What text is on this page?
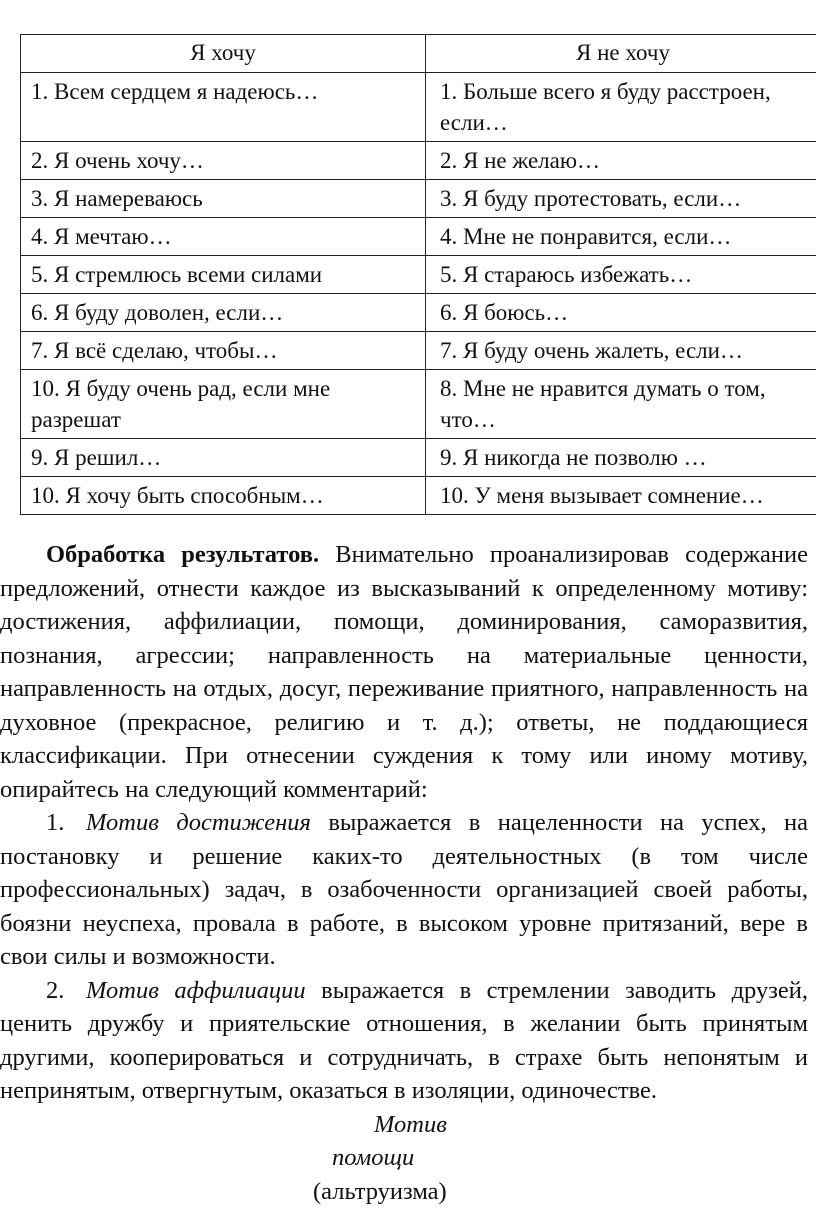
Я хочу	Я не хочу
1. Всем сердцем я надеюсь…	1. Больше всего я буду расстроен, если…
2. Я очень хочу…	2. Я не желаю…
3. Я намереваюсь	3. Я буду протестовать, если…
4. Я мечтаю…	4. Мне не понравится, если…
5. Я стремлюсь всеми силами	5. Я стараюсь избежать…
6. Я буду доволен, если…	6. Я боюсь…
7. Я всё сделаю, чтобы…	7. Я буду очень жалеть, если…
10. Я буду очень рад, если мне разрешат	8. Мне не нравится думать о том, что…
9. Я решил…	9. Я никогда не позволю …
10. Я хочу быть способным…	10. У меня вызывает сомнение…

Обработка результатов. Внимательно проанализировав содержание предложений, отнести каждое из высказываний к определенному мотиву: достижения, аффилиации, помощи, доминирования, саморазвития, познания, агрессии; направленность на материальные ценности, направленность на отдых, досуг, переживание приятного, направленность на духовное (прекрасное, религию и т. д.); ответы, не поддающиеся классификации. При отнесении суждения к тому или иному мотиву, опирайтесь на следующий комментарий:

1. Мотив достижения выражается в нацеленности на успех, на постановку и решение каких-то деятельностных (в том числе профессиональных) задач, в озабоченности организацией своей работы, боязни неуспеха, провала в работе, в высоком уровне притязаний, вере в свои силы и возможности.

2. Мотив аффилиации выражается в стремлении заводить друзей, ценить дружбу и приятельские отношения, в желании быть принятым другими, кооперироваться и сотрудничать, в страхе быть непонятым и непринятым, отвергнутым, оказаться в изоляции, одиночестве.

Мотив

помощи

(альтруизма)
